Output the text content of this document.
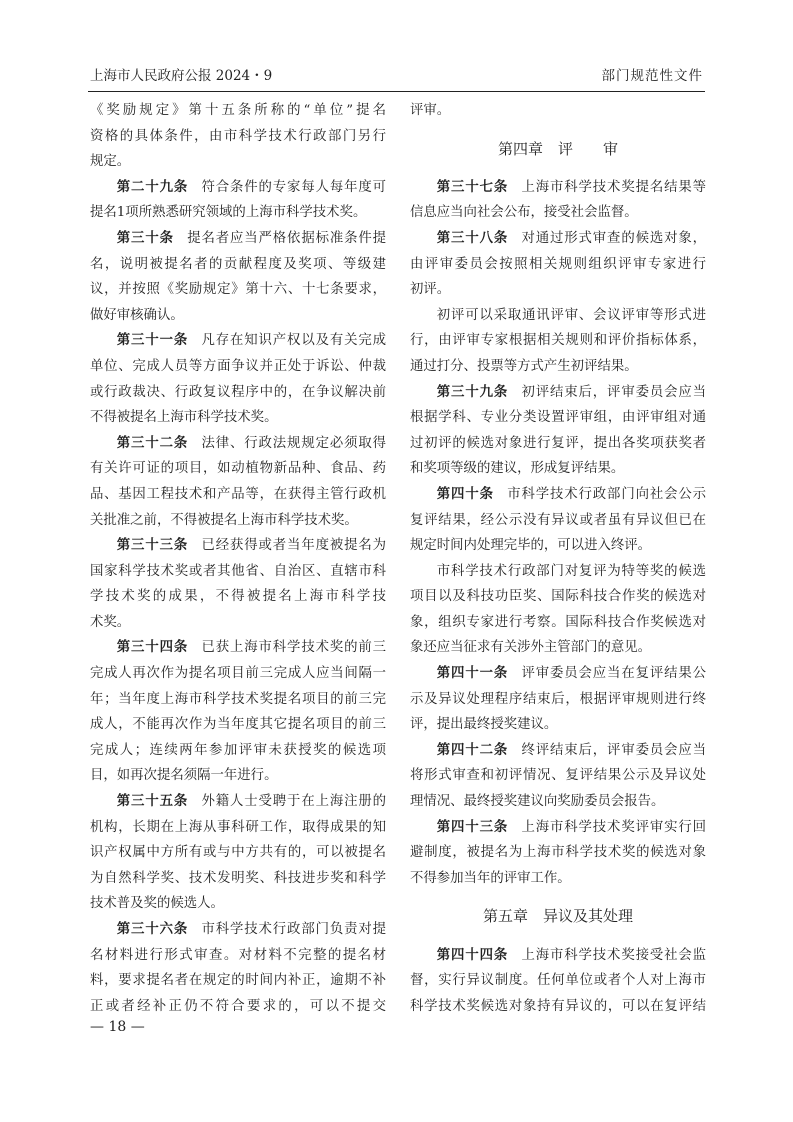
上海市人民政府公报 2024・9	部门规范性文件
《奖励规定》第十五条所称的“单位”提名
资格的具体条件，由市科学技术行政部门另行
规定。
第二十九条 符合条件的专家每人每年度可
提名1项所熟悉研究领域的上海市科学技术奖。
第三十条 提名者应当严格依据标准条件提
名，说明被提名者的贡献程度及奖项、等级建
议，并按照《奖励规定》第十六、十七条要求，
做好审核确认。
第三十一条 凡存在知识产权以及有关完成
单位、完成人员等方面争议并正处于诉讼、仲裁
或行政裁决、行政复议程序中的，在争议解决前
不得被提名上海市科学技术奖。
第三十二条 法律、行政法规规定必须取得
有关许可证的项目，如动植物新品种、食品、药
品、基因工程技术和产品等，在获得主管行政机
关批准之前，不得被提名上海市科学技术奖。
第三十三条 已经获得或者当年度被提名为
国家科学技术奖或者其他省、自治区、直辖市科
学技术奖的成果，不得被提名上海市科学技
术奖。
第三十四条 已获上海市科学技术奖的前三
完成人再次作为提名项目前三完成人应当间隔一
年；当年度上海市科学技术奖提名项目的前三完
成人，不能再次作为当年度其它提名项目的前三
完成人；连续两年参加评审未获授奖的候选项
目，如再次提名须隔一年进行。
第三十五条 外籍人士受聘于在上海注册的
机构，长期在上海从事科研工作，取得成果的知
识产权属中方所有或与中方共有的，可以被提名
为自然科学奖、技术发明奖、科技进步奖和科学
技术普及奖的候选人。
第三十六条 市科学技术行政部门负责对提
名材料进行形式审查。对材料不完整的提名材
料，要求提名者在规定的时间内补正，逾期不补
正或者经补正仍不符合要求的，可以不提交
评审。
第四章　评　　审
第三十七条 上海市科学技术奖提名结果等
信息应当向社会公布，接受社会监督。
第三十八条 对通过形式审查的候选对象，
由评审委员会按照相关规则组织评审专家进行
初评。
初评可以采取通讯评审、会议评审等形式进
行，由评审专家根据相关规则和评价指标体系，
通过打分、投票等方式产生初评结果。
第三十九条 初评结束后，评审委员会应当
根据学科、专业分类设置评审组，由评审组对通
过初评的候选对象进行复评，提出各奖项获奖者
和奖项等级的建议，形成复评结果。
第四十条 市科学技术行政部门向社会公示
复评结果，经公示没有异议或者虽有异议但已在
规定时间内处理完毕的，可以进入终评。
市科学技术行政部门对复评为特等奖的候选
项目以及科技功臣奖、国际科技合作奖的候选对
象，组织专家进行考察。国际科技合作奖候选对
象还应当征求有关涉外主管部门的意见。
第四十一条 评审委员会应当在复评结果公
示及异议处理程序结束后，根据评审规则进行终
评，提出最终授奖建议。
第四十二条 终评结束后，评审委员会应当
将形式审查和初评情况、复评结果公示及异议处
理情况、最终授奖建议向奖励委员会报告。
第四十三条 上海市科学技术奖评审实行回
避制度，被提名为上海市科学技术奖的候选对象
不得参加当年的评审工作。
第五章　异议及其处理
第四十四条 上海市科学技术奖接受社会监
督，实行异议制度。任何单位或者个人对上海市
科学技术奖候选对象持有异议的，可以在复评结
— 18 —
